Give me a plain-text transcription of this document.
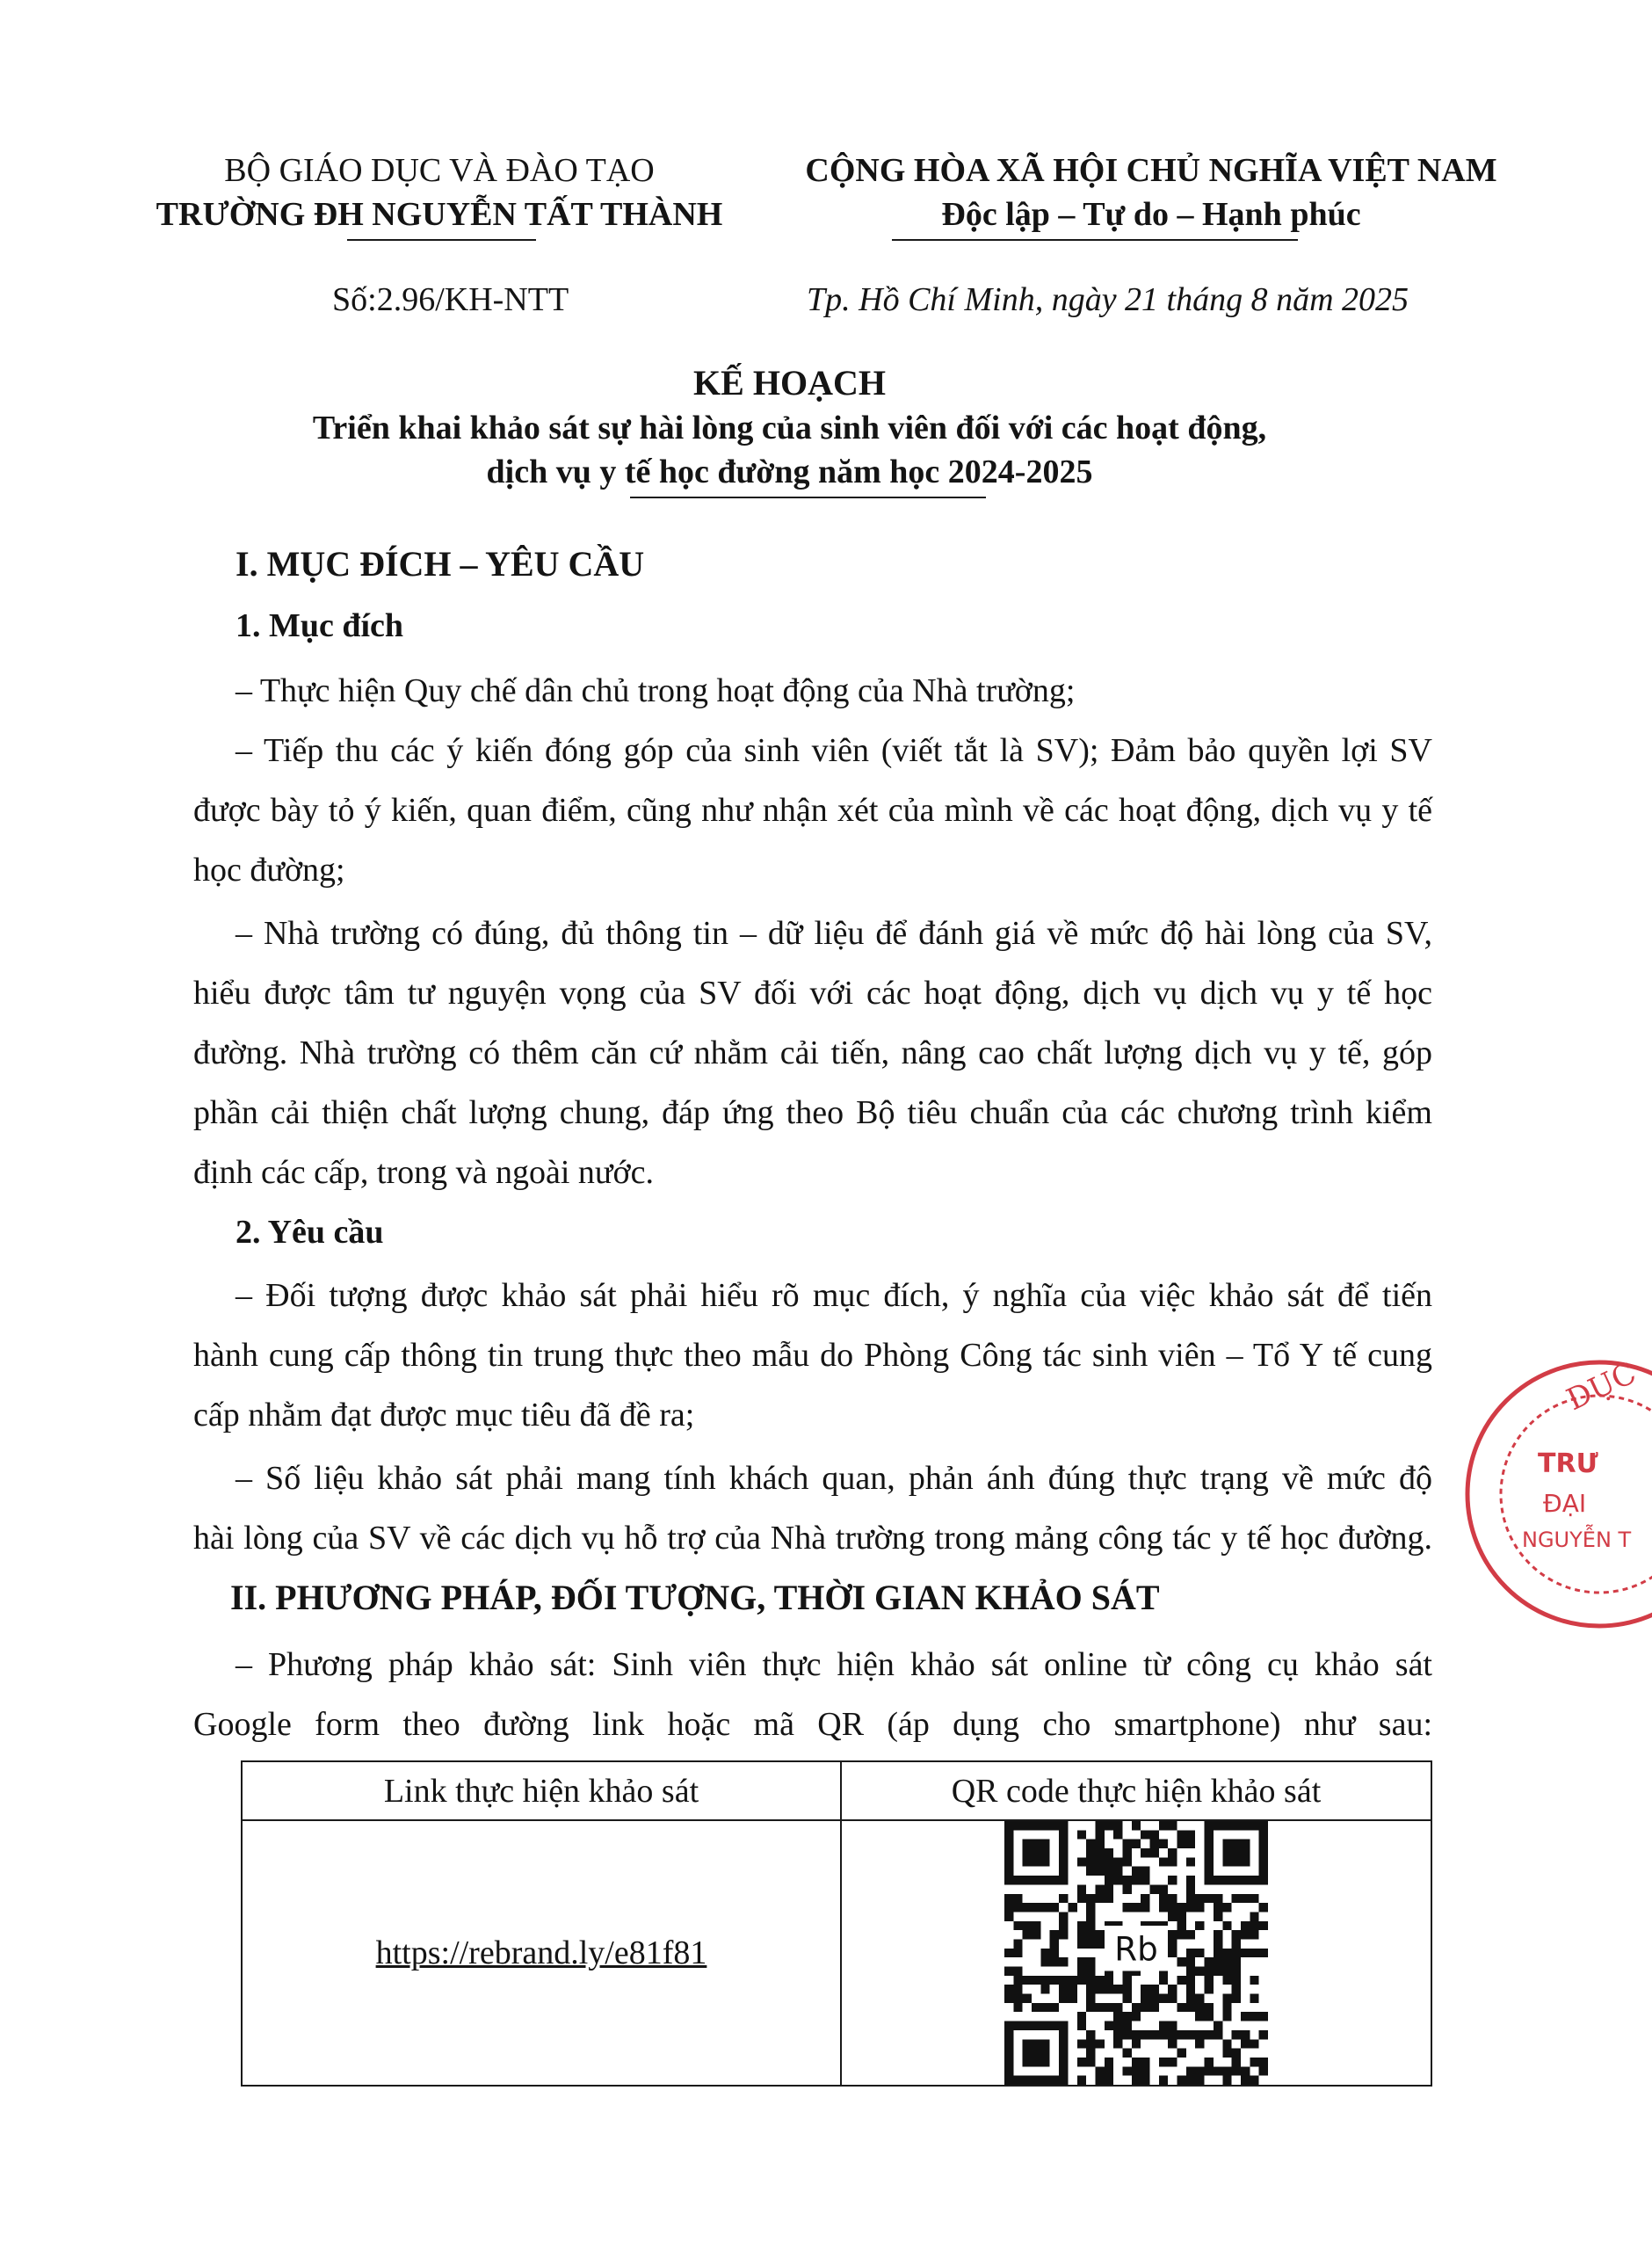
BỘ GIÁO DỤC VÀ ĐÀO TẠO
TRƯỜNG ĐH NGUYỄN TẤT THÀNH
CỘNG HÒA XÃ HỘI CHỦ NGHĨA VIỆT NAM
Độc lập – Tự do – Hạnh phúc
Số:2.96/KH-NTT	Tp. Hồ Chí Minh, ngày 21 tháng 8 năm 2025
KẾ HOẠCH
Triển khai khảo sát sự hài lòng của sinh viên đối với các hoạt động,
dịch vụ y tế học đường năm học 2024-2025
I. MỤC ĐÍCH – YÊU CẦU
1. Mục đích
– Thực hiện Quy chế dân chủ trong hoạt động của Nhà trường;
– Tiếp thu các ý kiến đóng góp của sinh viên (viết tắt là SV); Đảm bảo quyền lợi SV
được bày tỏ ý kiến, quan điểm, cũng như nhận xét của mình về các hoạt động, dịch vụ y tế
học đường;
– Nhà trường có đúng, đủ thông tin – dữ liệu để đánh giá về mức độ hài lòng của SV,
hiểu được tâm tư nguyện vọng của SV đối với các hoạt động, dịch vụ dịch vụ y tế học
đường. Nhà trường có thêm căn cứ nhằm cải tiến, nâng cao chất lượng dịch vụ y tế, góp
phần cải thiện chất lượng chung, đáp ứng theo Bộ tiêu chuẩn của các chương trình kiểm
định các cấp, trong và ngoài nước.
2. Yêu cầu
– Đối tượng được khảo sát phải hiểu rõ mục đích, ý nghĩa của việc khảo sát để tiến
hành cung cấp thông tin trung thực theo mẫu do Phòng Công tác sinh viên – Tổ Y tế cung
cấp nhằm đạt được mục tiêu đã đề ra;
– Số liệu khảo sát phải mang tính khách quan, phản ánh đúng thực trạng về mức độ
hài lòng của SV về các dịch vụ hỗ trợ của Nhà trường trong mảng công tác y tế học đường.
II. PHƯƠNG PHÁP, ĐỐI TƯỢNG, THỜI GIAN KHẢO SÁT
– Phương pháp khảo sát: Sinh viên thực hiện khảo sát online từ công cụ khảo sát
Google form theo đường link hoặc mã QR (áp dụng cho smartphone) như sau:
Link thực hiện khảo sát	QR code thực hiện khảo sát
https://rebrand.ly/e81f81	Rb
DỤC
TRƯ
ĐẠI
NGUYỄN T
